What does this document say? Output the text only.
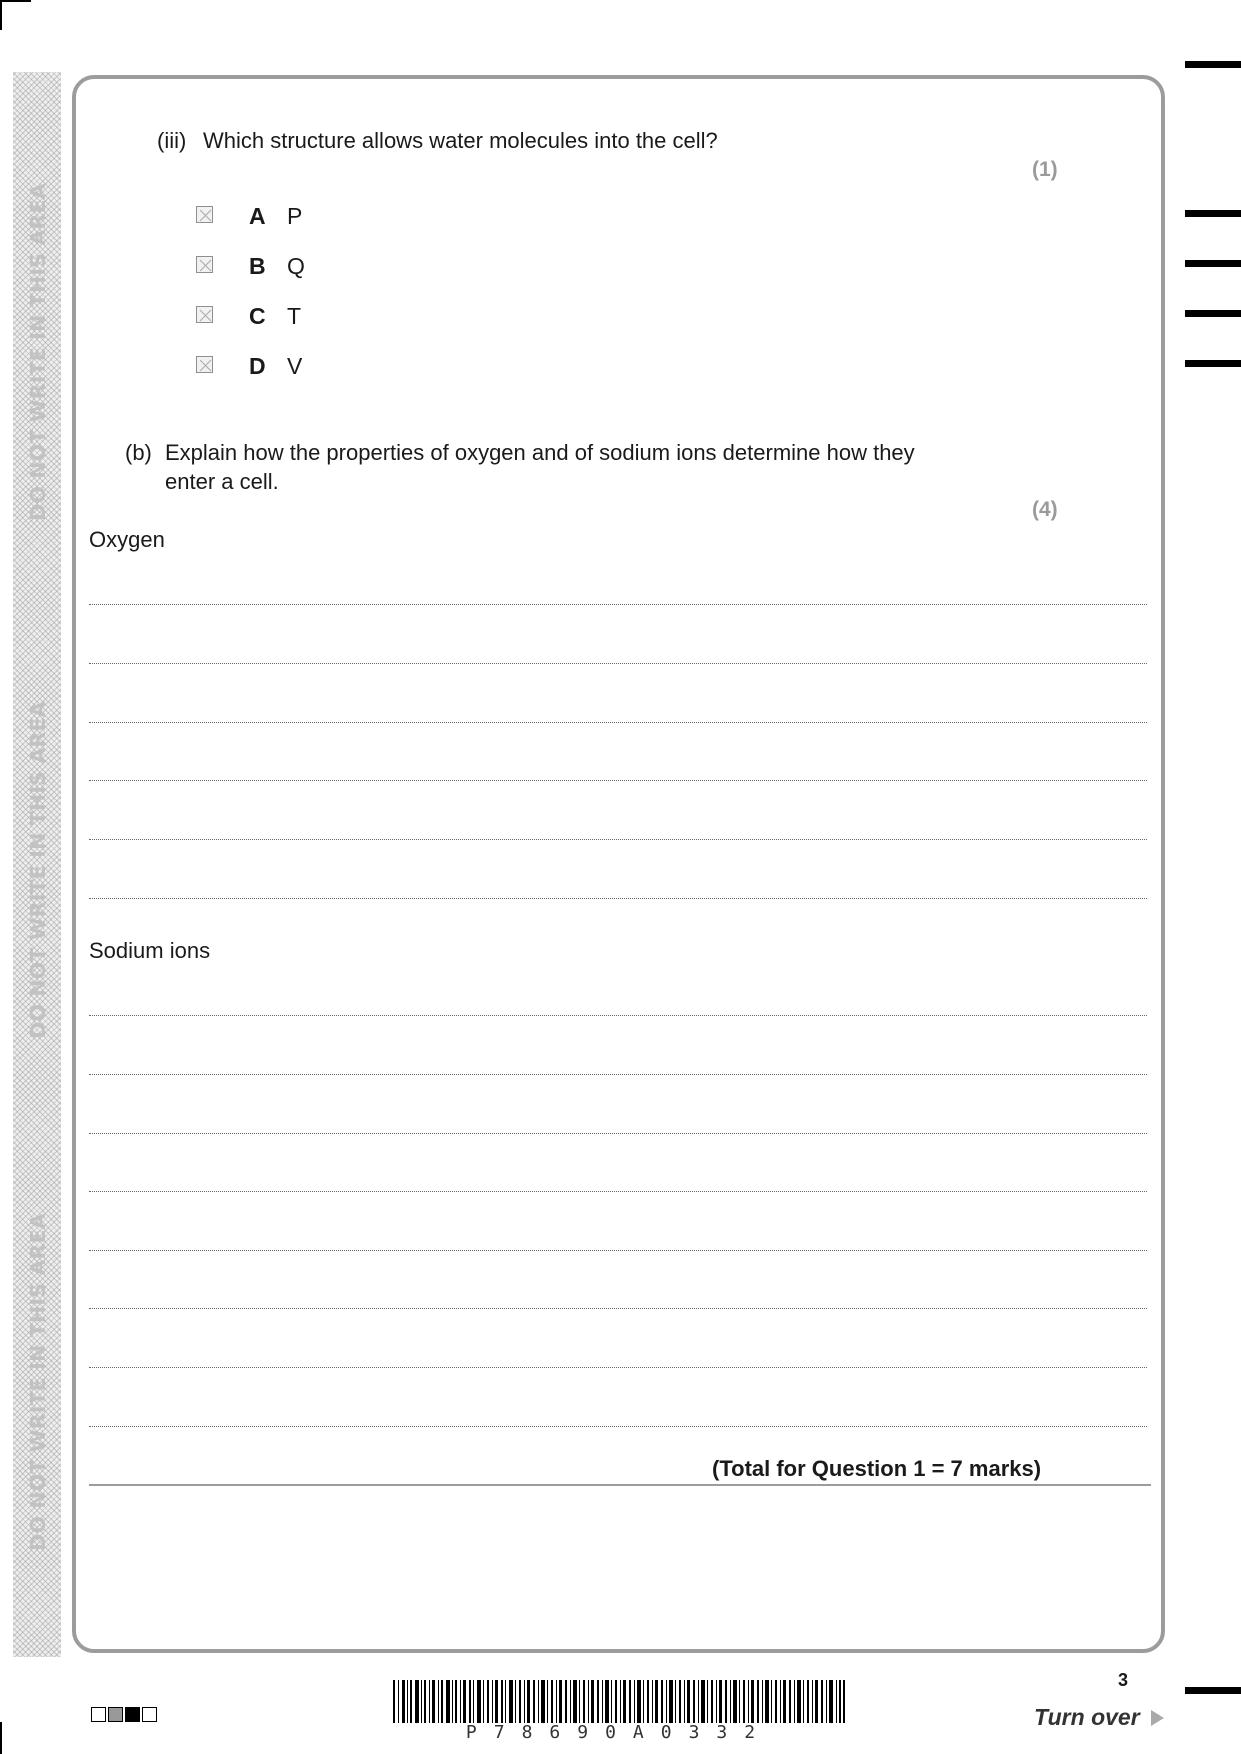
DO NOT WRITE IN THIS AREA
DO NOT WRITE IN THIS AREA
DO NOT WRITE IN THIS AREA
(iii) Which structure allows water molecules into the cell?
(1)
A P
B Q
C T
D V
(b) Explain how the properties of oxygen and of sodium ions determine how they
enter a cell.
(4)
Oxygen
Sodium ions
(Total for Question 1 = 7 marks)
P78690A0332
3
Turn over
